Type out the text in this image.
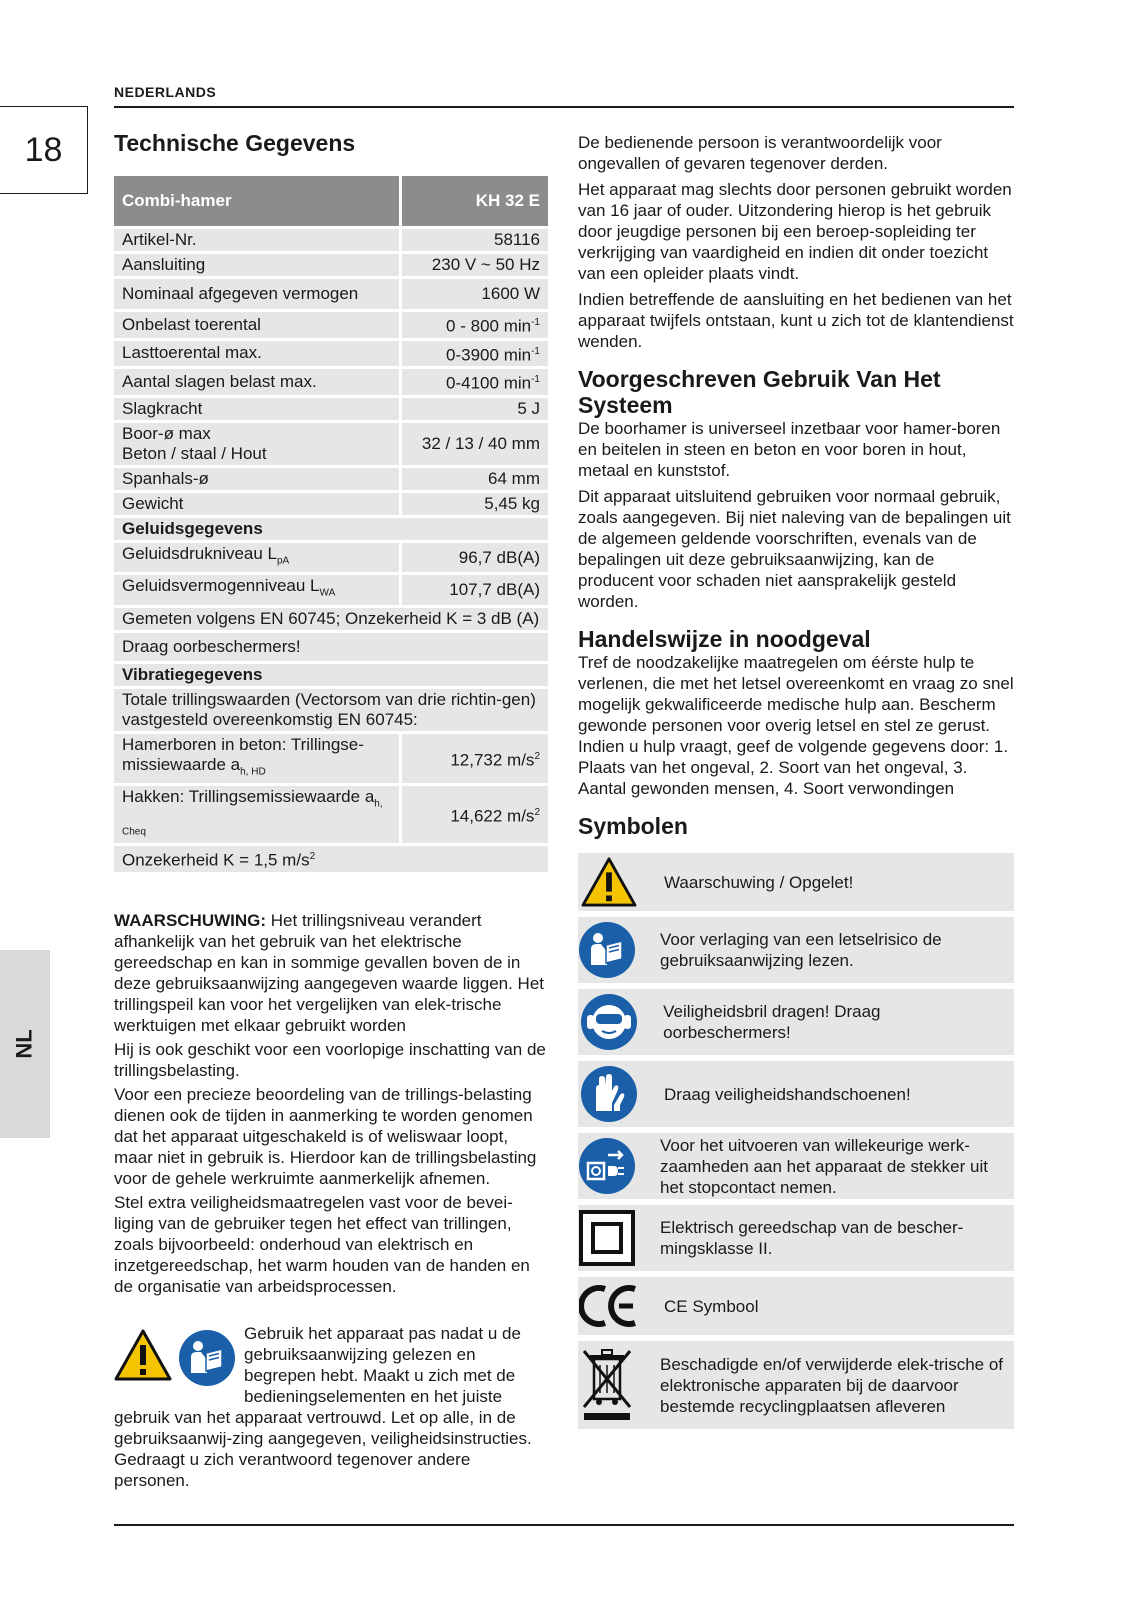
NEDERLANDS
18
NL
Technische Gegevens
Combi-hamer	KH 32 E
Artikel-Nr.	58116
Aansluiting	230 V ~ 50 Hz
Nominaal afgegeven vermogen	1600 W
Onbelast toerental	0 - 800 $\min^{-1}$
Lasttoerental max.	0-3900 $\min^{-1}$
Aantal slagen belast max.	0-4100 $\min^{-1}$
Slagkracht	5 J

Boor-ø max
Beton / staal / Hout	32 / 13 / 40 mm
Spanhals-ø	64 mm
Gewicht	5,45 kg
Geluidsgegevens	
Geluidsdrukniveau $L_{pA}$	96,7 dB(A)
Geluidsvermogenniveau $L_{WA}$	107,7 dB(A)
Gemeten volgens EN 60745; Onzekerheid K = 3 dB (A)	
Draag oorbeschermers!	
Vibratiegegevens	
Totale trillingswaarden (Vectorsom van drie richtin-gen) vastgesteld overeenkomstig EN 60745:	
Hamerboren in beton: Trillingse-missiewaarde $a_{h, HD}$	12,732 $m/s^2$
Hakken: Trillingsemissiewaarde $a_{h, Cheq}$	14,622 $m/s^2$
Onzekerheid K = 1,5 $m/s^2$

WAARSCHUWING: Het trillingsniveau verandert afhankelijk van het gebruik van het elektrische gereedschap en kan in sommige gevallen boven de in deze gebruiksaanwijzing aangegeven waarde liggen. Het trillingspeil kan voor het vergelijken van elek-trische werktuigen met elkaar gebruikt worden

Hij is ook geschikt voor een voorlopige inschatting van de trillingsbelasting.

Voor een precieze beoordeling van de trillings-belasting dienen ook de tijden in aanmerking te worden genomen dat het apparaat uitgeschakeld is of weliswaar loopt, maar niet in gebruik is. Hierdoor kan de trillingsbelasting voor de gehele werkruimte aanmerkelijk afnemen.

Stel extra veiligheidsmaatregelen vast voor de bevei-liging van de gebruiker tegen het effect van trillingen, zoals bijvoorbeeld: onderhoud van elektrisch en inzetgereedschap, het warm houden van de handen en de organisatie van arbeidsprocessen.

Gebruik het apparaat pas nadat u de gebruiksaanwijzing gelezen en begrepen hebt. Maakt u zich met de bedieningselementen en het juiste gebruik van het apparaat vertrouwd. Let op alle, in de gebruiksaanwij-zing aangegeven, veiligheidsinstructies. Gedraagt u zich verantwoord tegenover andere personen.

De bedienende persoon is verantwoordelijk voor ongevallen of gevaren tegenover derden.

Het apparaat mag slechts door personen gebruikt worden van 16 jaar of ouder. Uitzondering hierop is het gebruik door jeugdige personen bij een beroep-sopleiding ter verkrijging van vaardigheid en indien dit onder toezicht van een opleider plaats vindt.

Indien betreffende de aansluiting en het bedienen van het apparaat twijfels ontstaan, kunt u zich tot de klantendienst wenden.

Voorgeschreven Gebruik Van Het Systeem

De boorhamer is universeel inzetbaar voor hamer-boren en beitelen in steen en beton en voor boren in hout, metaal en kunststof.

Dit apparaat uitsluitend gebruiken voor normaal gebruik, zoals aangegeven. Bij niet naleving van de bepalingen uit de algemeen geldende voorschriften, evenals van de bepalingen uit deze gebruiksaanwijzing, kan de producent voor schaden niet aansprakelijk gesteld worden.

Handelswijze in noodgeval

Tref de noodzakelijke maatregelen om éérste hulp te verlenen, die met het letsel overeenkomt en vraag zo snel mogelijk gekwalificeerde medische hulp aan. Bescherm gewonde personen voor overig letsel en stel ze gerust. Indien u hulp vraagt, geef de volgende gegevens door: 1. Plaats van het ongeval, 2. Soort van het ongeval, 3. Aantal gewonden mensen, 4. Soort verwondingen

Symbolen
Waarschuwing / Opgelet!
Voor verlaging van een letselrisico de gebruiksaanwijzing lezen.
Veiligheidsbril dragen! Draag oorbeschermers!
Draag veiligheidshandschoenen!
Voor het uitvoeren van willekeurige werk-zaamheden aan het apparaat de stekker uit het stopcontact nemen.
Elektrisch gereedschap van de bescher-mingsklasse II.
CE Symbool
Beschadigde en/of verwijderde elek-trische of elektronische apparaten bij de daarvoor bestemde recyclingplaatsen afleveren
